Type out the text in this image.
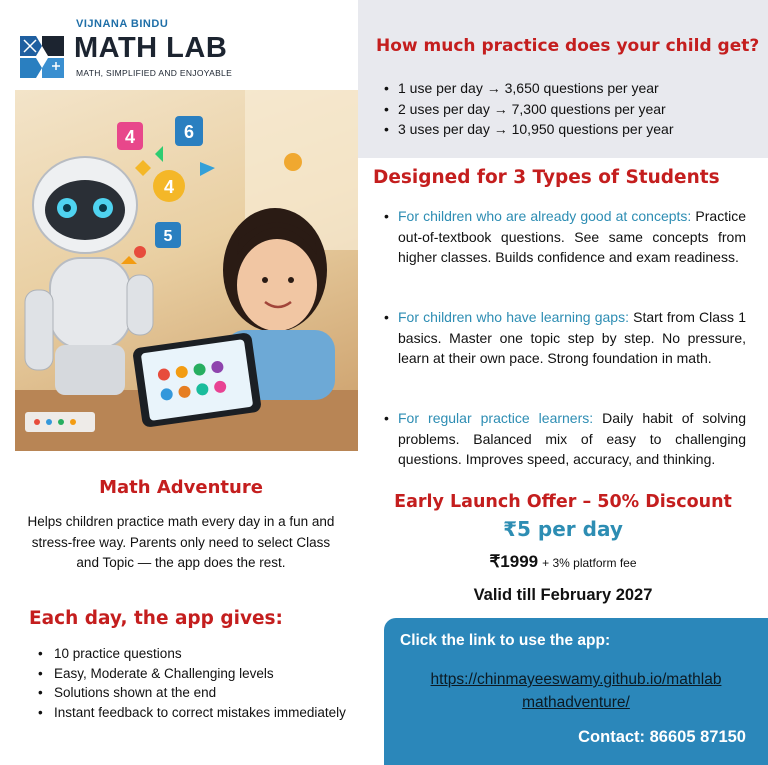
VIJNANA BINDU
MATH LAB
MATH, SIMPLIFIED AND ENJOYABLE
How much practice does your child get?
• 1 use per day → 3,650 questions per year
• 2 uses per day → 7,300 questions per year
• 3 uses per day → 10,950 questions per year
4	6
4
5
Designed for 3 Types of Students
• For children who are already good at concepts: Practice out-of-textbook questions. See same concepts from higher classes. Builds confidence and exam readiness.
• For children who have learning gaps: Start from Class 1 basics. Master one topic step by step. No pressure, learn at their own pace. Strong foundation in math.
• For regular practice learners: Daily habit of solving problems. Balanced mix of easy to challenging questions. Improves speed, accuracy, and thinking.
Math Adventure
Helps children practice math every day in a fun and stress-free way. Parents only need to select Class and Topic — the app does the rest.
Each day, the app gives:
• 10 practice questions
• Easy, Moderate & Challenging levels
• Solutions shown at the end
• Instant feedback to correct mistakes immediately
Early Launch Offer – 50% Discount
₹5 per day
₹1999 + 3% platform fee
Valid till February 2027
Click the link to use the app:
https://chinmayeeswamy.github.io/mathlab mathadventure/
Contact: 86605 87150
